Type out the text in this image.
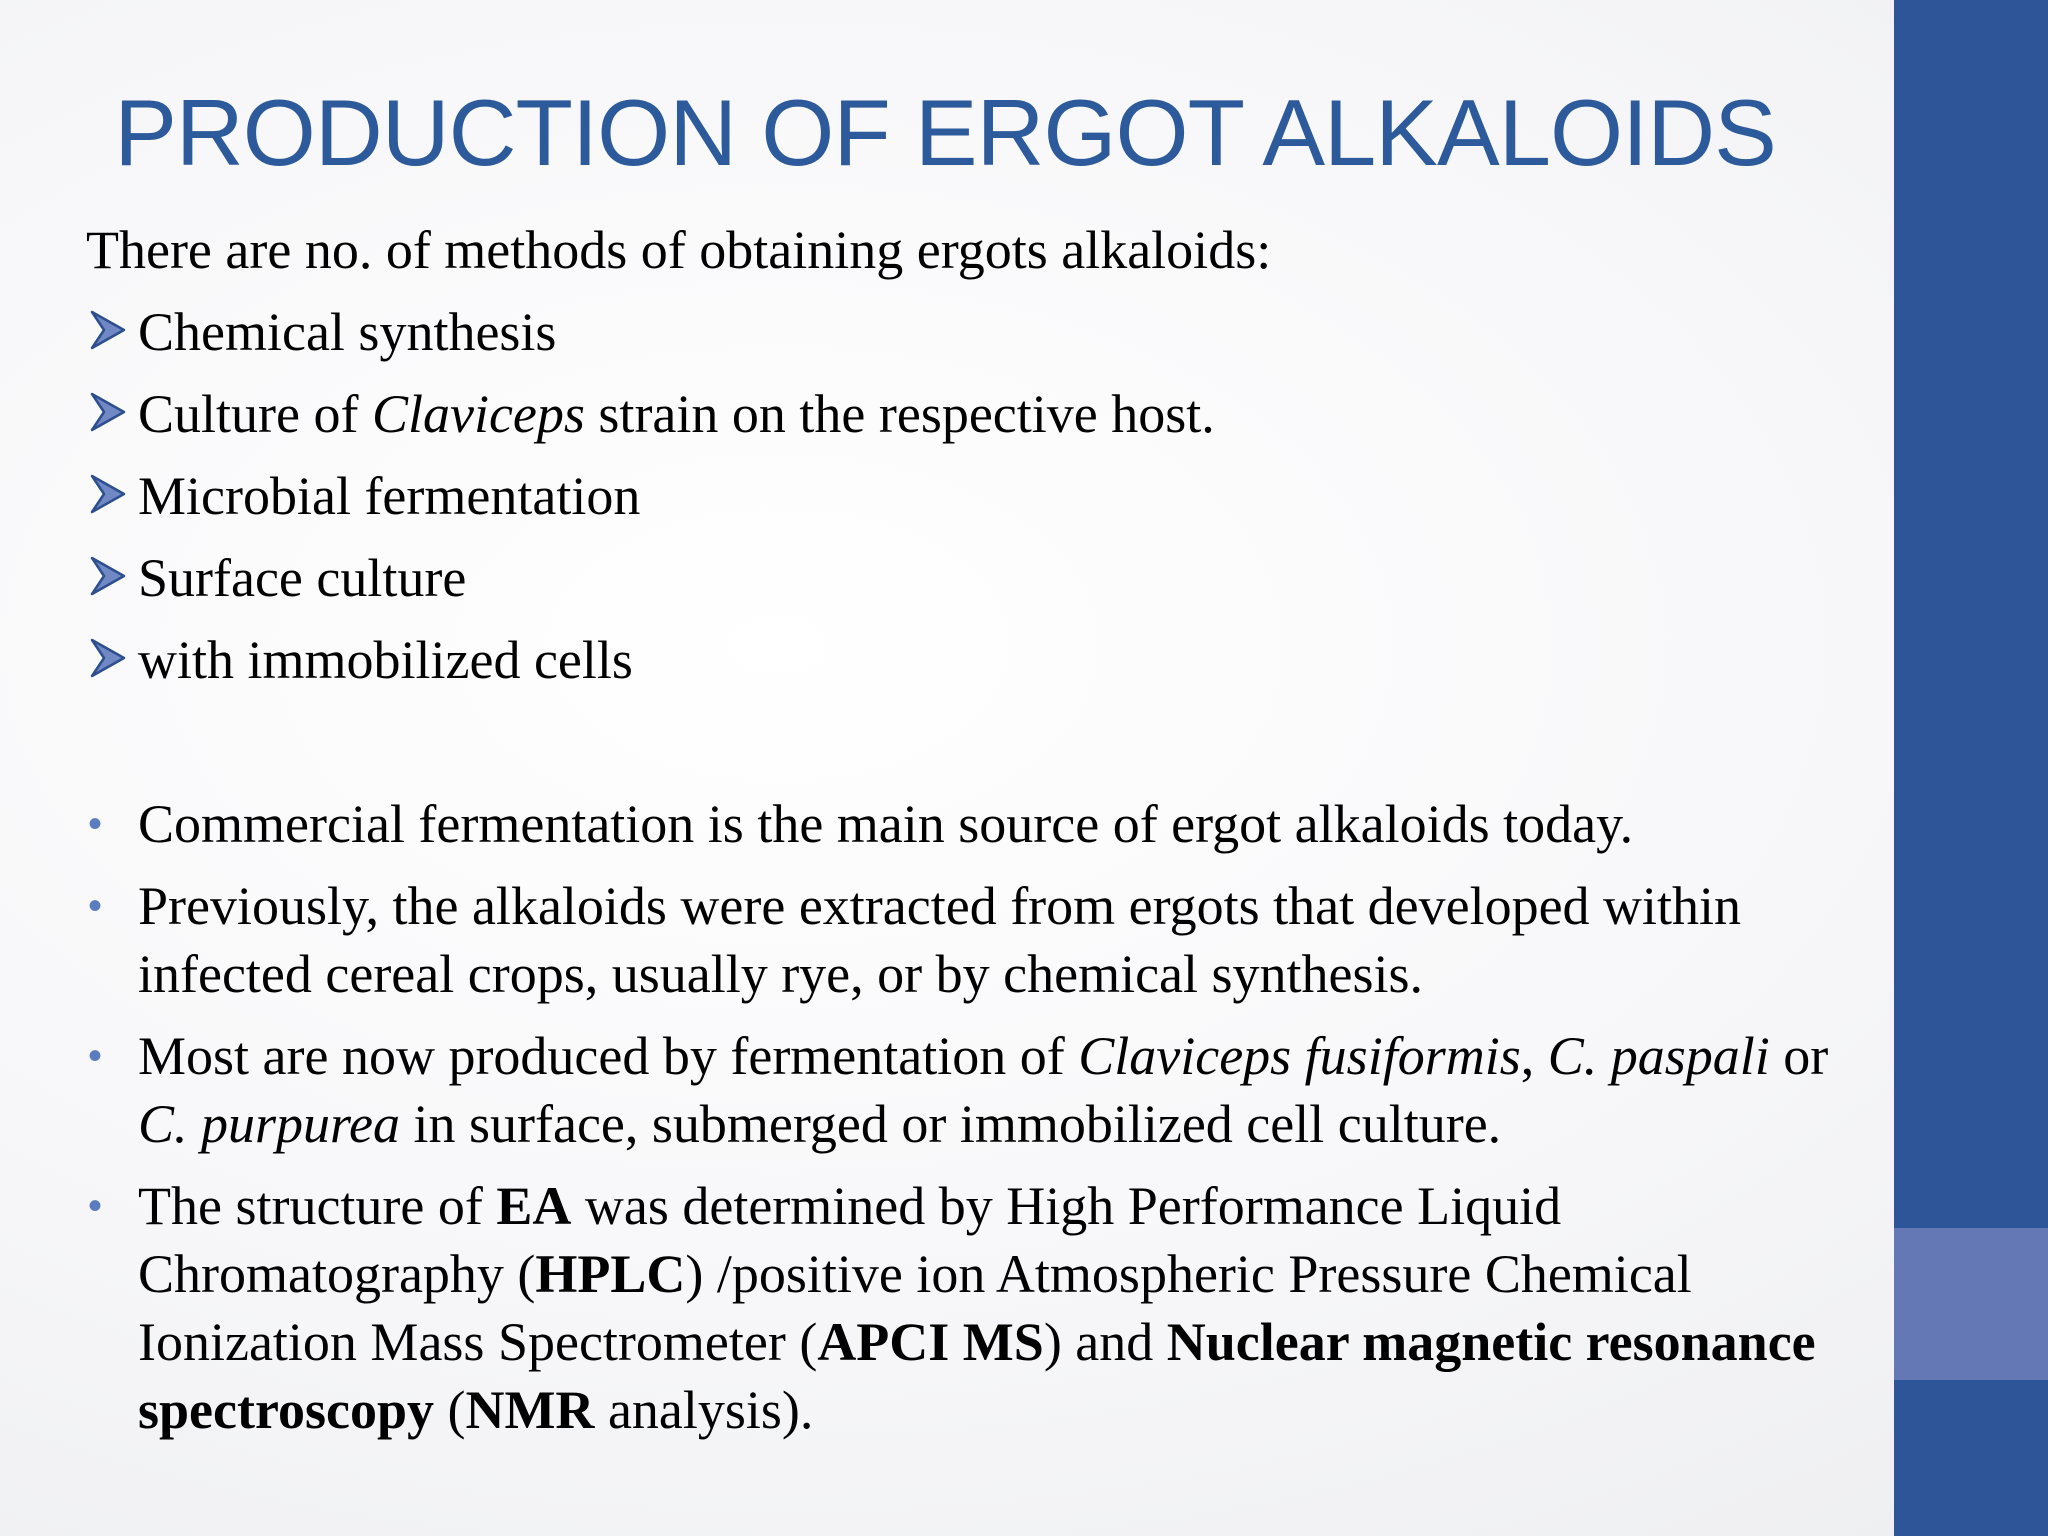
PRODUCTION OF ERGOT ALKALOIDS
There are no. of methods of obtaining ergots alkaloids:
Chemical synthesis
Culture of Claviceps strain on the respective host.
Microbial fermentation
Surface culture
with immobilized cells
• Commercial fermentation is the main source of ergot alkaloids today.
• Previously, the alkaloids were extracted from ergots that developed within infected cereal crops, usually rye, or by chemical synthesis.
• Most are now produced by fermentation of Claviceps fusiformis, C. paspali or C. purpurea in surface, submerged or immobilized cell culture.
• The structure of EA was determined by High Performance Liquid Chromatography (HPLC) /positive ion Atmospheric Pressure Chemical Ionization Mass Spectrometer (APCI MS) and Nuclear magnetic resonance spectroscopy (NMR analysis).
